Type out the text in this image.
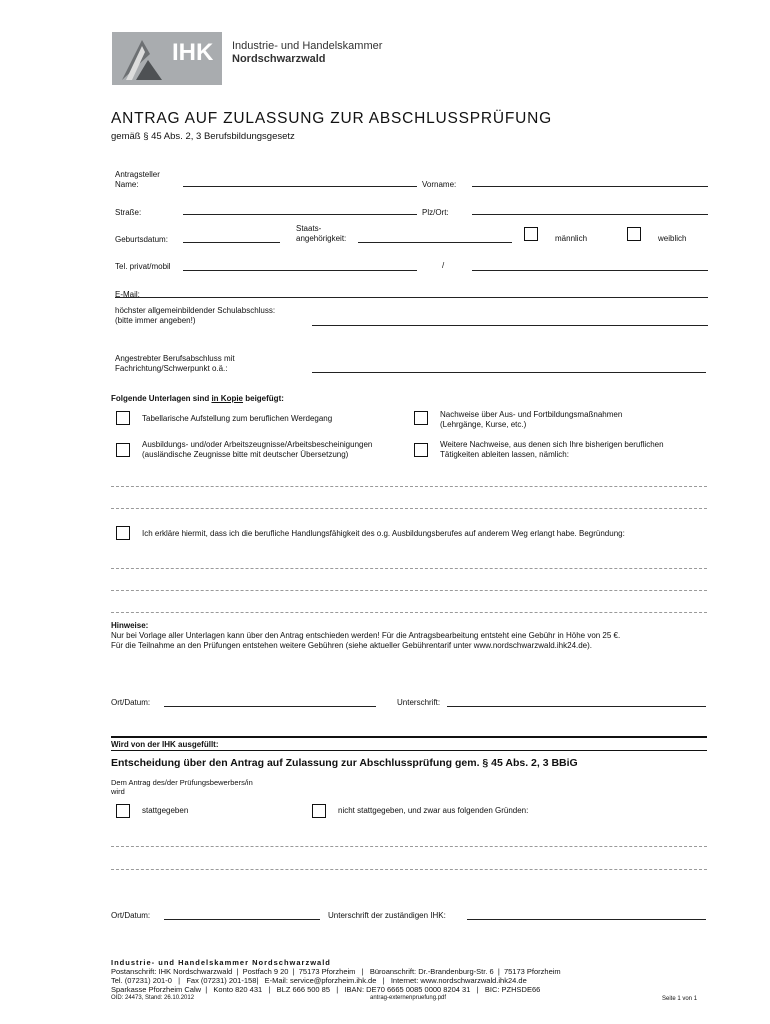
IHK Industrie- und Handelskammer
Nordschwarzwald
ANTRAG AUF ZULASSUNG ZUR ABSCHLUSSPRÜFUNG
gemäß § 45 Abs. 2, 3 Berufsbildungsgesetz
Antragsteller
Name:	Vorname:
Straße:	Plz/Ort:
Geburtsdatum:
Staats-
angehörigkeit:	männlich	weiblich
Tel. privat/mobil	/
E-Mail:
höchster allgemeinbildender Schulabschluss:
(bitte immer angeben!)
Angestrebter Berufsabschluss mit
Fachrichtung/Schwerpunkt o.ä.:
Folgende Unterlagen sind in Kopie beigefügt:
Tabellarische Aufstellung zum beruflichen Werdegang	Nachweise über Aus- und Fortbildungsmaßnahmen
(Lehrgänge, Kurse, etc.)
Ausbildungs- und/oder Arbeitszeugnisse/Arbeitsbescheinigungen
(ausländische Zeugnisse bitte mit deutscher Übersetzung)
Weitere Nachweise, aus denen sich Ihre bisherigen beruflichen
Tätigkeiten ableiten lassen, nämlich:
Ich erkläre hiermit, dass ich die berufliche Handlungsfähigkeit des o.g. Ausbildungsberufes auf anderem Weg erlangt habe. Begründung:
Hinweise:
Nur bei Vorlage aller Unterlagen kann über den Antrag entschieden werden! Für die Antragsbearbeitung entsteht eine Gebühr in Höhe von 25 €.
Für die Teilnahme an den Prüfungen entstehen weitere Gebühren (siehe aktueller Gebührentarif unter www.nordschwarzwald.ihk24.de).
Ort/Datum:	Unterschrift:
Wird von der IHK ausgefüllt:
Entscheidung über den Antrag auf Zulassung zur Abschlussprüfung gem. § 45 Abs. 2, 3 BBiG
Dem Antrag des/der Prüfungsbewerbers/in
wird
stattgegeben	nicht stattgegeben, und zwar aus folgenden Gründen:
Ort/Datum:	Unterschrift der zuständigen IHK:
Industrie- und Handelskammer Nordschwarzwald
Postanschrift: IHK Nordschwarzwald  |  Postfach 9 20  |  75173 Pforzheim   |   Büroanschrift: Dr.-Brandenburg-Str. 6  |  75173 Pforzheim
Tel. (07231) 201-0   |   Fax (07231) 201-158|   E-Mail: service@pforzheim.ihk.de   |   Internet: www.nordschwarzwald.ihk24.de
Sparkasse Pforzheim Calw  |   Konto 820 431   |   BLZ 666 500 85   |   IBAN: DE70 6665 0085 0000 8204 31   |   BIC: PZHSDE66
OID: 24473, Stand: 26.10.2012	antrag-externenpruefung.pdf	Seite 1 von 1
